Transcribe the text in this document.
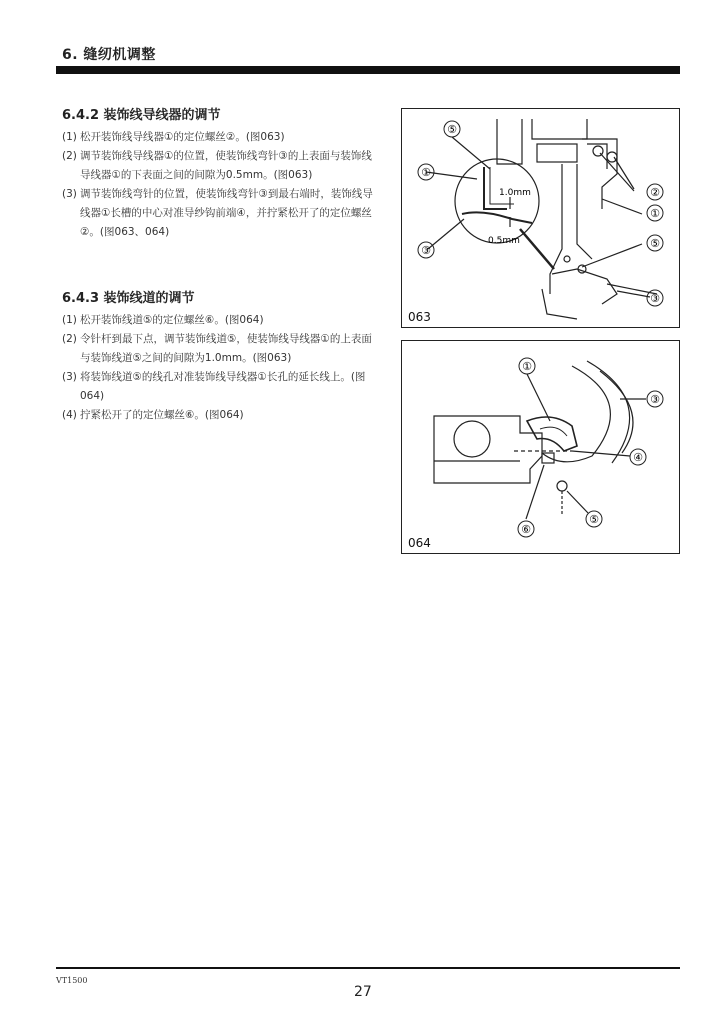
6. 缝纫机调整
6.4.2 装饰线导线器的调节
(1) 松开装饰线导线器①的定位螺丝②。(图063)
(2) 调节装饰线导线器①的位置，使装饰线弯针③的上表面与装饰线导线器①的下表面之间的间隙为0.5mm。(图063)
(3) 调节装饰线弯针的位置，使装饰线弯针③到最右端时，装饰线导线器①长槽的中心对准导纱钩前端④，并拧紧松开了的定位螺丝②。(图063、064)
6.4.3 装饰线道的调节
(1) 松开装饰线道⑤的定位螺丝⑥。(图064)
(2) 令针杆到最下点，调节装饰线道⑤，使装饰线导线器①的上表面与装饰线道⑤之间的间隙为1.0mm。(图063)
(3) 将装饰线道⑤的线孔对准装饰线导线器①长孔的延长线上。(图064)
(4) 拧紧松开了的定位螺丝⑥。(图064)
⑤
①
③
②
①
⑤
③
1.0mm
0.5mm
063
①
③
④
⑤
⑥
064
VT1500
27
